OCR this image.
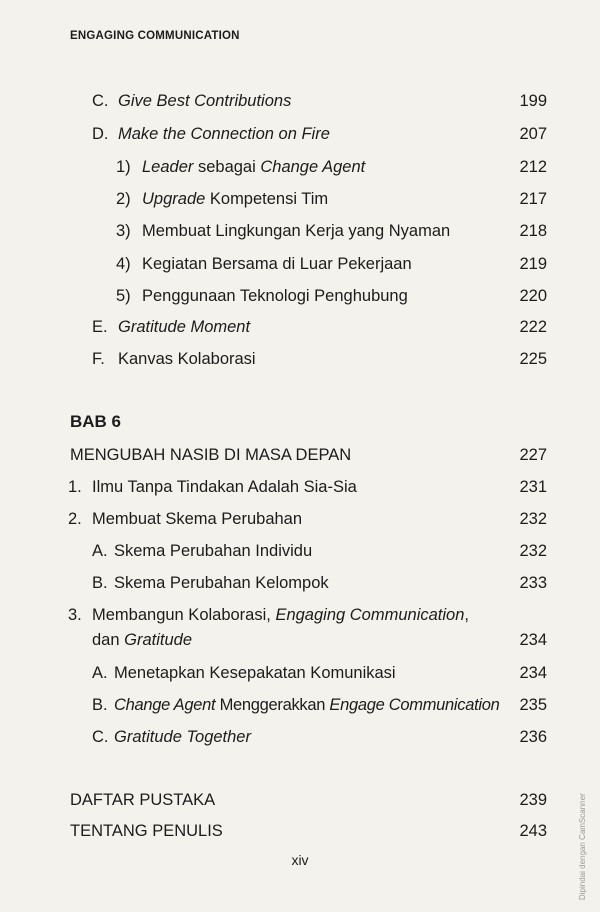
ENGAGING COMMUNICATION
C. Give Best Contributions	199
D. Make the Connection on Fire	207
1) Leader sebagai Change Agent	212
2) Upgrade Kompetensi Tim	217
3) Membuat Lingkungan Kerja yang Nyaman	218
4) Kegiatan Bersama di Luar Pekerjaan	219
5) Penggunaan Teknologi Penghubung	220
E. Gratitude Moment	222
F. Kanvas Kolaborasi	225
BAB 6
MENGUBAH NASIB DI MASA DEPAN	227
1. Ilmu Tanpa Tindakan Adalah Sia-Sia	231
2. Membuat Skema Perubahan	232
A. Skema Perubahan Individu	232
B. Skema Perubahan Kelompok	233
3. Membangun Kolaborasi, Engaging Communication,
dan Gratitude	234
A. Menetapkan Kesepakatan Komunikasi	234
B. Change Agent Menggerakkan Engage Communication 235
C. Gratitude Together	236
DAFTAR PUSTAKA	239
TENTANG PENULIS	243
xiv	Dipindai dengan CamScanner
